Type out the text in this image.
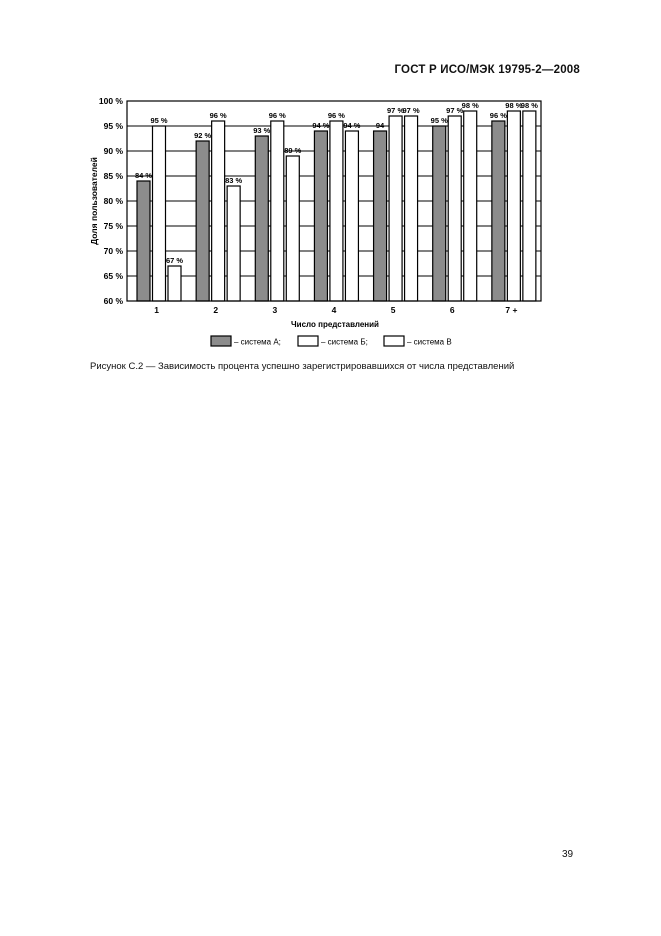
ГОСТ Р ИСО/МЭК 19795-2—2008
60 %
65 %
70 %
75 %
80 %
85 %
90 %
95 %
100 %
1	2	3	4	5	6	7 +
84 %
95 %
67 %
92 %
96 %
83 %
93 %
96 %
89 %
94 %
96 %
94 % 94
97 %
97 %
95 %
97 %
98 %
96 %
98 %
98 %
Доля пользователей
Число представлений
– система А;	– система Б;	– система В
Рисунок С.2 — Зависимость процента успешно зарегистрировавшихся от числа представлений
39
